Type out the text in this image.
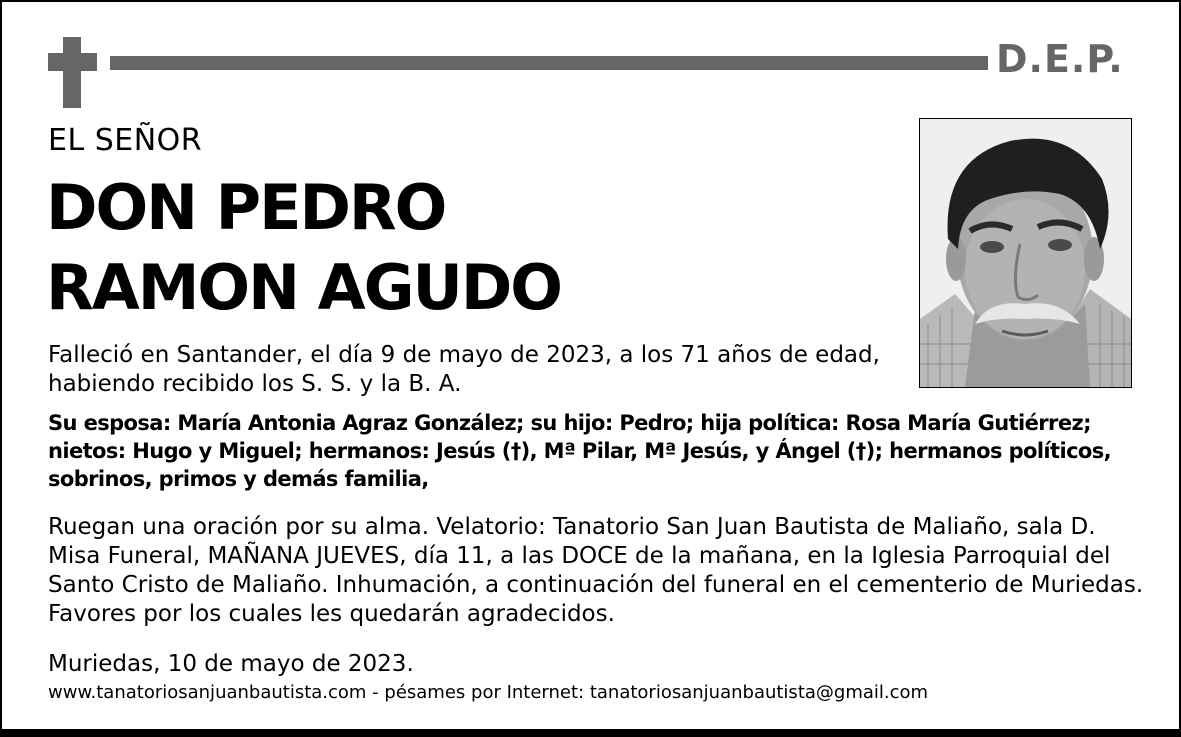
D.E.P.
EL SEÑOR
DON PEDRO
RAMON AGUDO
Falleció en Santander, el día 9 de mayo de 2023, a los 71 años de edad,
habiendo recibido los S. S. y la B. A.
Su esposa: María Antonia Agraz González; su hijo: Pedro; hija política: Rosa María Gutiérrez;
nietos: Hugo y Miguel; hermanos: Jesús (†), Mª Pilar, Mª Jesús, y Ángel (†); hermanos políticos,
sobrinos, primos y demás familia,
Ruegan una oración por su alma. Velatorio: Tanatorio San Juan Bautista de Maliaño, sala D.
Misa Funeral, MAÑANA JUEVES, día 11, a las DOCE de la mañana, en la Iglesia Parroquial del
Santo Cristo de Maliaño. Inhumación, a continuación del funeral en el cementerio de Muriedas.
Favores por los cuales les quedarán agradecidos.
Muriedas, 10 de mayo de 2023.
www.tanatoriosanjuanbautista.com - pésames por Internet: tanatoriosanjuanbautista@gmail.com
